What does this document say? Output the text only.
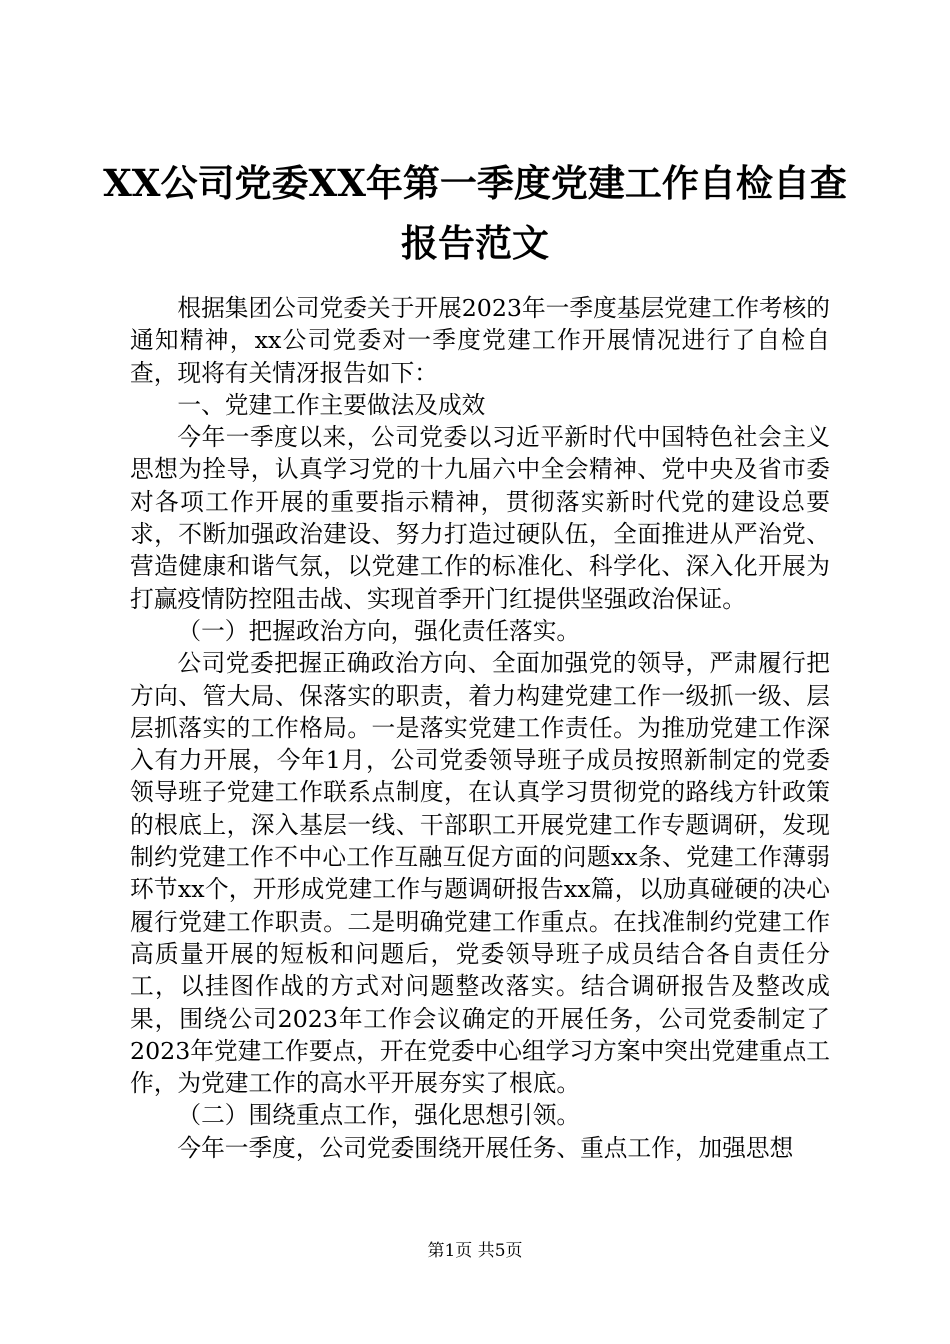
XX公司党委XX年第一季度党建工作自检自查
报告范文

根据集团公司党委关于开展2023年一季度基层党建工作考核的通知精神，xx公司党委对一季度党建工作开展情况进行了自检自查，现将有关情冴报告如下：

一、党建工作主要做法及成效

今年一季度以来，公司党委以习近平新时代中国特色社会主义思想为拴导，认真学习党的十九届六中全会精神、党中央及省市委对各项工作开展的重要指示精神，贯彻落实新时代党的建设总要求，不断加强政治建设、努力打造过硬队伍，全面推进从严治党、营造健康和谐气氛，以党建工作的标准化、科学化、深入化开展为打赢疫情防控阻击战、实现首季开门红提供坚强政治保证。

（一）把握政治方向，强化责任落实。

公司党委把握正确政治方向、全面加强党的领导，严肃履行把方向、管大局、保落实的职责，着力构建党建工作一级抓一级、层层抓落实的工作格局。一是落实党建工作责任。为推劢党建工作深入有力开展，今年1月，公司党委领导班子成员按照新制定的党委领导班子党建工作联系点制度，在认真学习贯彻党的路线方针政策的根底上，深入基层一线、干部职工开展党建工作专题调研，发现制约党建工作不中心工作互融互促方面的问题xx条、党建工作薄弱环节xx个，开形成党建工作与题调研报告xx篇，以劢真碰硬的决心履行党建工作职责。二是明确党建工作重点。在找准制约党建工作高质量开展的短板和问题后，党委领导班子成员结合各自责任分工，以挂图作战的方式对问题整改落实。结合调研报告及整改成果，围绕公司2023年工作会议确定的开展任务，公司党委制定了2023年党建工作要点，开在党委中心组学习方案中突出党建重点工作，为党建工作的高水平开展夯实了根底。

（二）围绕重点工作，强化思想引领。

今年一季度，公司党委围绕开展任务、重点工作，加强思想

第1页 共5页
